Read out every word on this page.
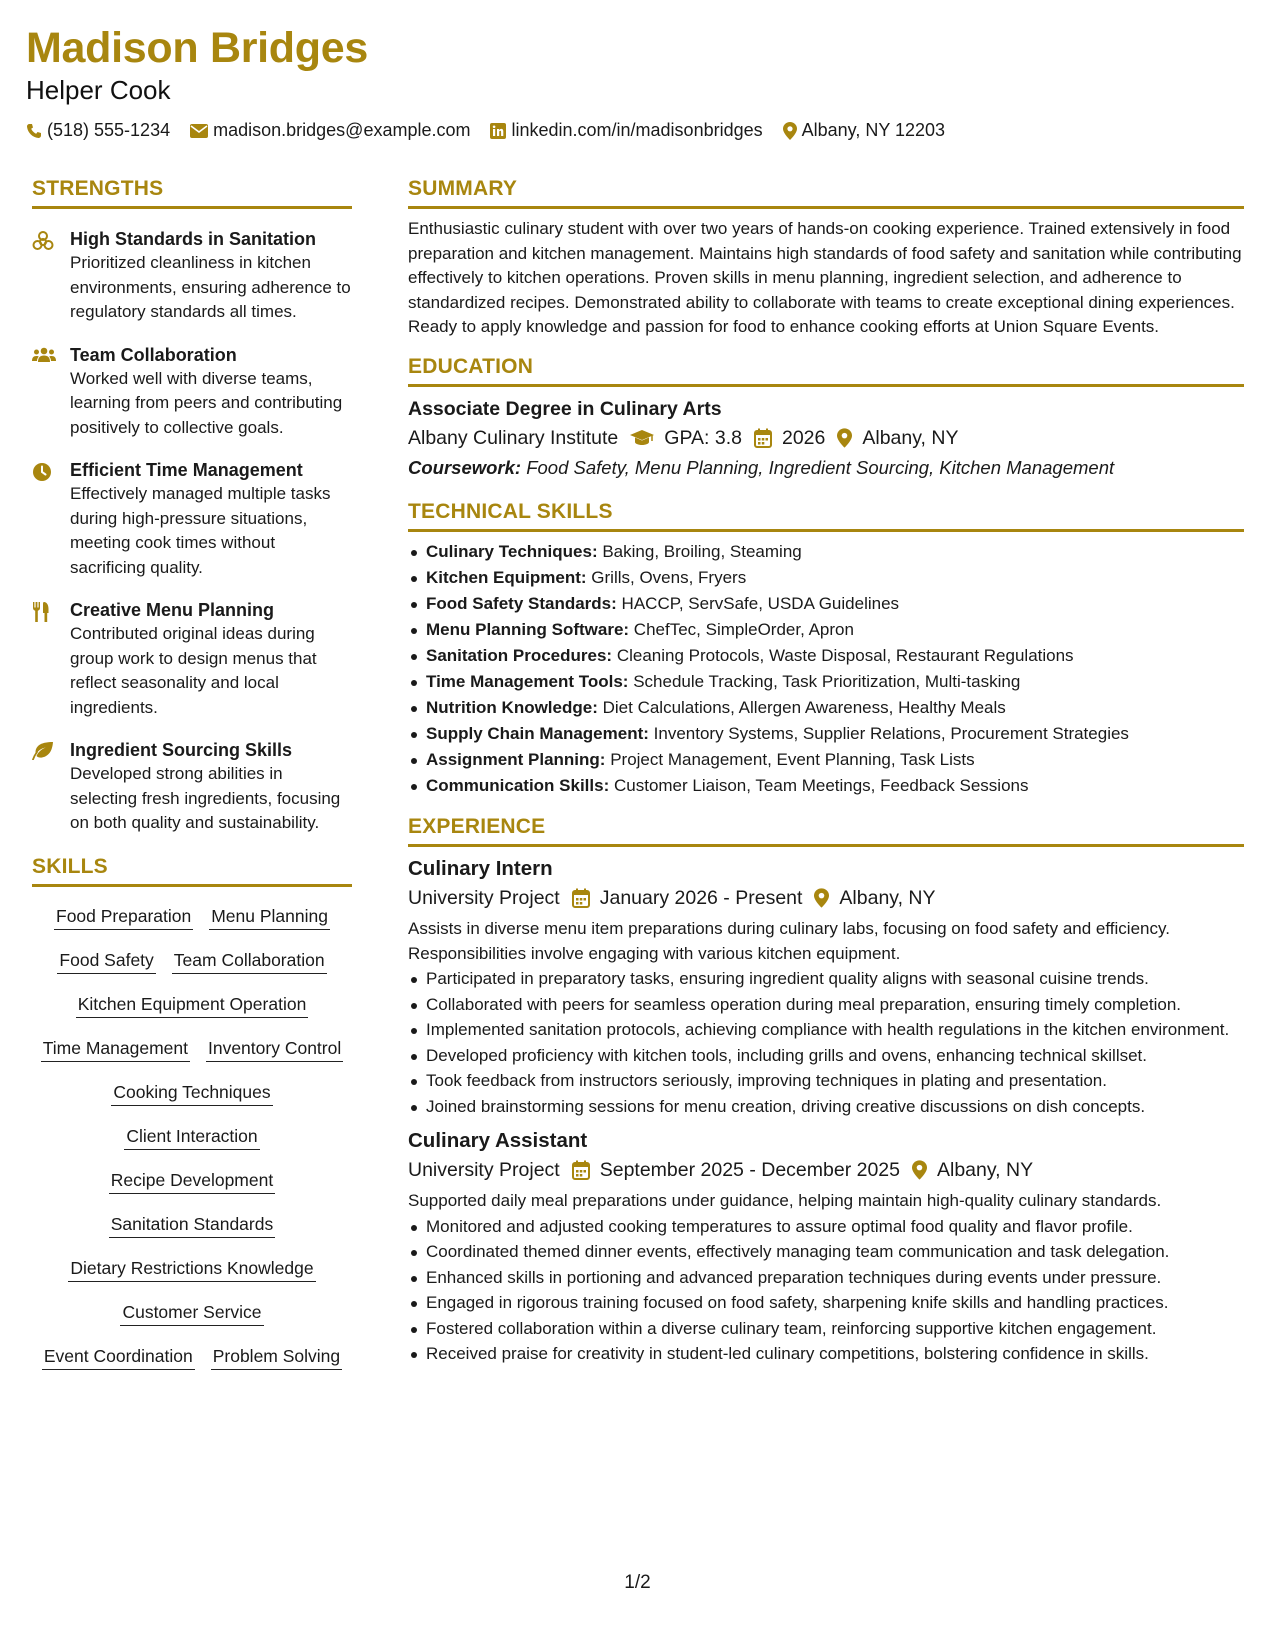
Madison Bridges
Helper Cook
(518) 555-1234 madison.bridges@example.com linkedin.com/in/madisonbridges Albany, NY 12203
STRENGTHS
High Standards in Sanitation
Prioritized cleanliness in kitchen environments, ensuring adherence to regulatory standards all times.
Team Collaboration
Worked well with diverse teams, learning from peers and contributing positively to collective goals.
Efficient Time Management
Effectively managed multiple tasks during high-pressure situations, meeting cook times without sacrificing quality.
Creative Menu Planning
Contributed original ideas during group work to design menus that reflect seasonality and local ingredients.
Ingredient Sourcing Skills
Developed strong abilities in selecting fresh ingredients, focusing on both quality and sustainability.
SKILLS
Food Preparation Menu Planning
Food Safety Team Collaboration
Kitchen Equipment Operation
Time Management Inventory Control
Cooking Techniques
Client Interaction
Recipe Development
Sanitation Standards
Dietary Restrictions Knowledge
Customer Service
Event Coordination Problem Solving
SUMMARY
Enthusiastic culinary student with over two years of hands-on cooking experience. Trained extensively in food preparation and kitchen management. Maintains high standards of food safety and sanitation while contributing effectively to kitchen operations. Proven skills in menu planning, ingredient selection, and adherence to standardized recipes. Demonstrated ability to collaborate with teams to create exceptional dining experiences. Ready to apply knowledge and passion for food to enhance cooking efforts at Union Square Events.
EDUCATION
Associate Degree in Culinary Arts
Albany Culinary Institute GPA: 3.8 2026 Albany, NY
Coursework: Food Safety, Menu Planning, Ingredient Sourcing, Kitchen Management
TECHNICAL SKILLS
Culinary Techniques: Baking, Broiling, Steaming
Kitchen Equipment: Grills, Ovens, Fryers
Food Safety Standards: HACCP, ServSafe, USDA Guidelines
Menu Planning Software: ChefTec, SimpleOrder, Apron
Sanitation Procedures: Cleaning Protocols, Waste Disposal, Restaurant Regulations
Time Management Tools: Schedule Tracking, Task Prioritization, Multi-tasking
Nutrition Knowledge: Diet Calculations, Allergen Awareness, Healthy Meals
Supply Chain Management: Inventory Systems, Supplier Relations, Procurement Strategies
Assignment Planning: Project Management, Event Planning, Task Lists
Communication Skills: Customer Liaison, Team Meetings, Feedback Sessions
EXPERIENCE
Culinary Intern
University Project January 2026 - Present Albany, NY
Assists in diverse menu item preparations during culinary labs, focusing on food safety and efficiency. Responsibilities involve engaging with various kitchen equipment.
Participated in preparatory tasks, ensuring ingredient quality aligns with seasonal cuisine trends.
Collaborated with peers for seamless operation during meal preparation, ensuring timely completion.
Implemented sanitation protocols, achieving compliance with health regulations in the kitchen environment.
Developed proficiency with kitchen tools, including grills and ovens, enhancing technical skillset.
Took feedback from instructors seriously, improving techniques in plating and presentation.
Joined brainstorming sessions for menu creation, driving creative discussions on dish concepts.
Culinary Assistant
University Project September 2025 - December 2025 Albany, NY
Supported daily meal preparations under guidance, helping maintain high-quality culinary standards.
Monitored and adjusted cooking temperatures to assure optimal food quality and flavor profile.
Coordinated themed dinner events, effectively managing team communication and task delegation.
Enhanced skills in portioning and advanced preparation techniques during events under pressure.
Engaged in rigorous training focused on food safety, sharpening knife skills and handling practices.
Fostered collaboration within a diverse culinary team, reinforcing supportive kitchen engagement.
Received praise for creativity in student-led culinary competitions, bolstering confidence in skills.
1/2
